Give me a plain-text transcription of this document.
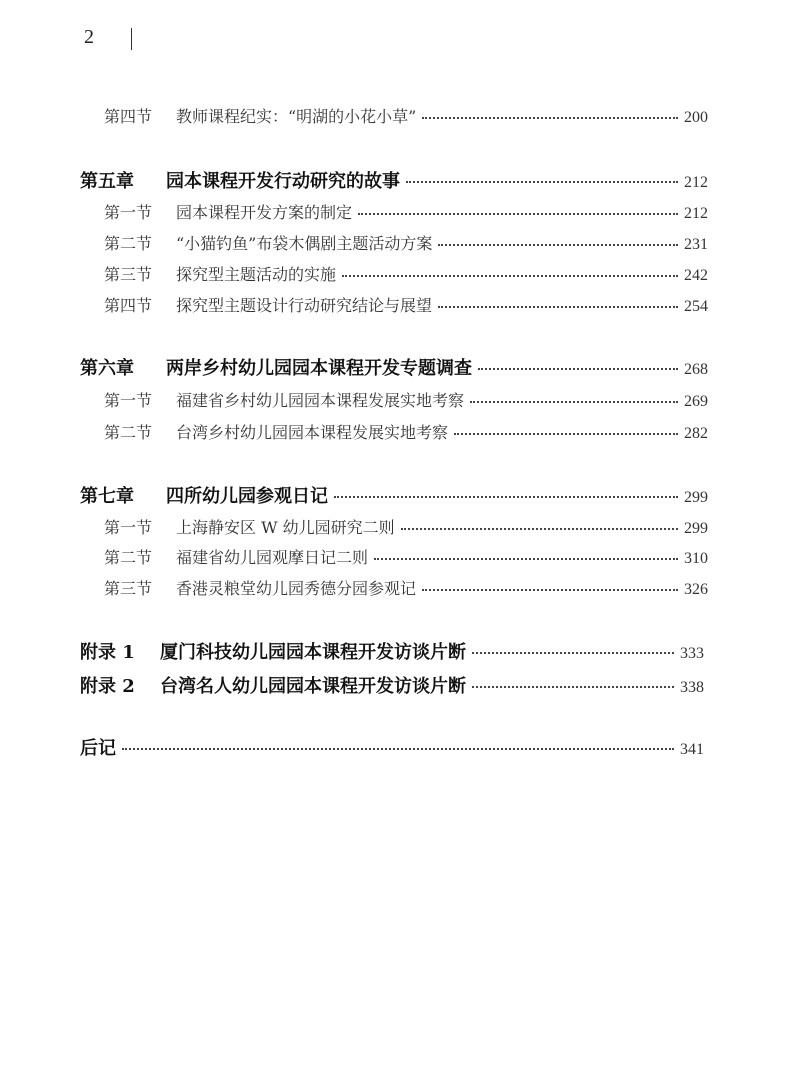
2
第四节	教师课程纪实：“明湖的小花小草”	200
第五章	园本课程开发行动研究的故事	212
第一节	园本课程开发方案的制定	212
第二节	“小猫钓鱼”布袋木偶剧主题活动方案	231
第三节	探究型主题活动的实施	242
第四节	探究型主题设计行动研究结论与展望	254
第六章	两岸乡村幼儿园园本课程开发专题调查	268
第一节	福建省乡村幼儿园园本课程发展实地考察	269
第二节	台湾乡村幼儿园园本课程发展实地考察	282
第七章	四所幼儿园参观日记	299
第一节	上海静安区 W 幼儿园研究二则	299
第二节	福建省幼儿园观摩日记二则	310
第三节	香港灵粮堂幼儿园秀德分园参观记	326
附录 1	厦门科技幼儿园园本课程开发访谈片断	333
附录 2	台湾名人幼儿园园本课程开发访谈片断	338
后记	341
